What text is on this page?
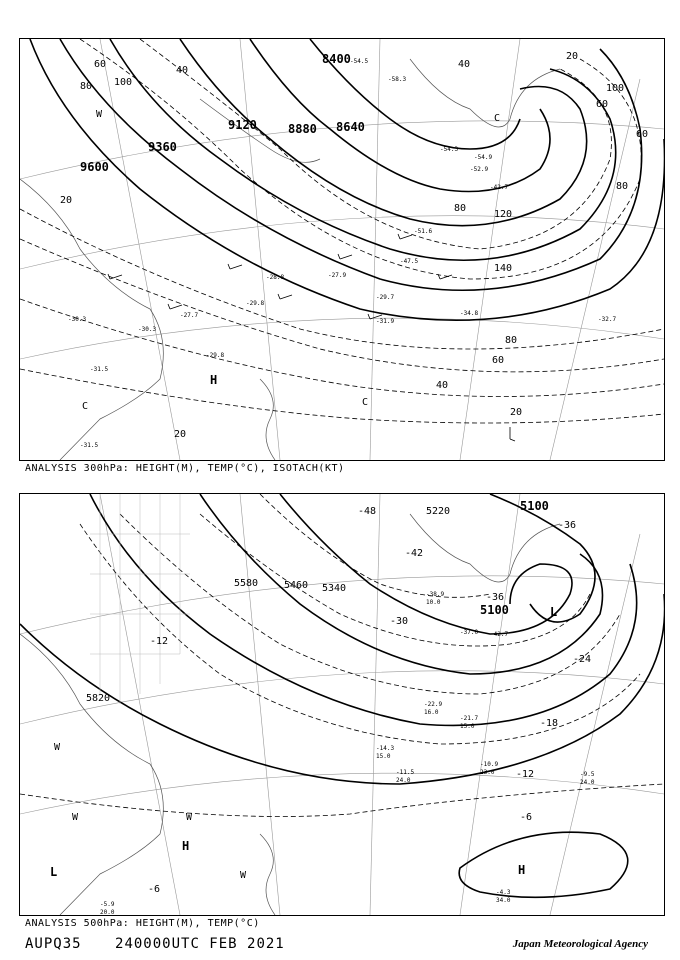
9600
9360
9120	8880 8640
8400
20
40
60
80 100
120
140
80
60
40
20
20
40
60
80
100
60
80
20
-30.3
-31.5
-30.3
-31.5
-29.8
-27.7
-28.8
-29.8
-27.9
-29.7
-31.9
-34.8
-52.9
-54.3
-54.9
-51.6
-58.3
-54.5
-42.7
-47.5
-32.7
H
C	C
C
W
ANALYSIS 300hPa: HEIGHT(M), TEMP(°C), ISOTACH(KT)
5820
5580	5460 5340
5220	5100
5100
-36
-36
-42
-48
-30
-24
-18
-12
-6
-6
-12
-14.3
15.0
-11.5
24.0
-10.9
23.0	-9.5
24.0
-4.3
34.0
-5.9
20.0
-21.7
15.0
-22.9
16.0
-37.0 -42.7
-38.9
10.0
H
H
L
L
W
W	W
W
ANALYSIS 500hPa: HEIGHT(M), TEMP(°C)
AUPQ35 240000UTC FEB 2021	Japan Meteorological Agency
